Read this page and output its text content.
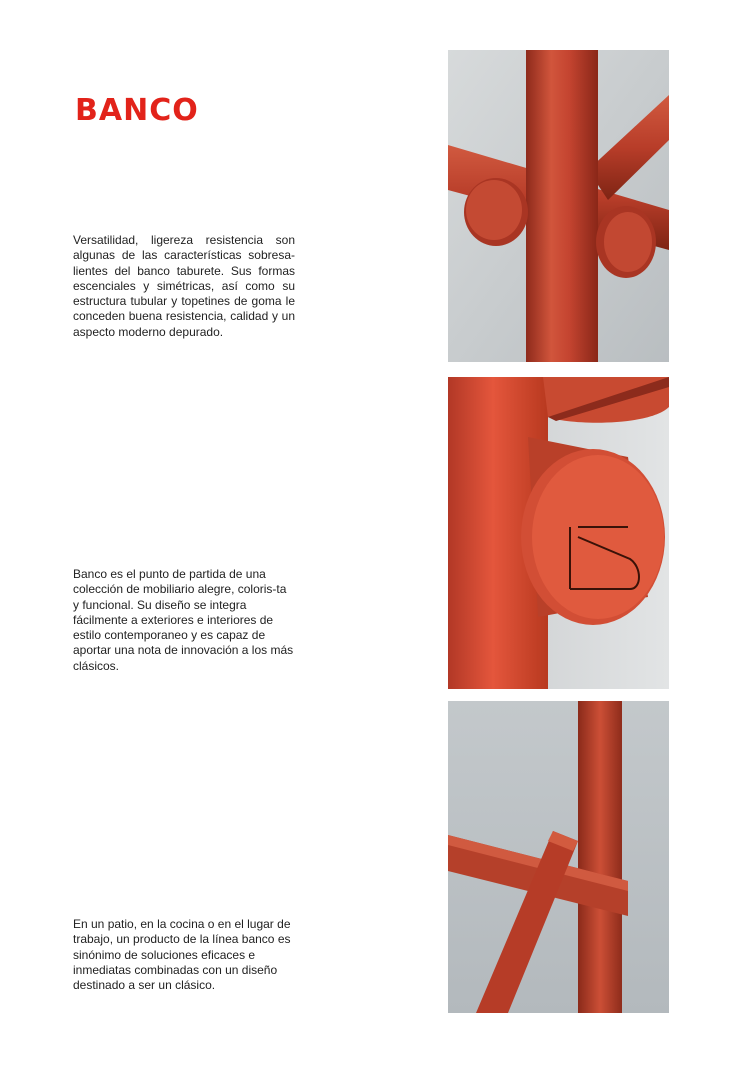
BANCO

Versatilidad, ligereza resistencia son algunas de las características sobresa-lientes del banco taburete. Sus formas escenciales y simétricas, así como su estructura tubular y topetines de goma le conceden buena resistencia, calidad y un aspecto moderno depurado.

Banco es el punto de partida de una colección de mobiliario alegre, coloris-ta y funcional. Su diseño se integra fácilmente a exteriores e interiores de estilo contemporaneo y es capaz de aportar una nota de innovación a los más clásicos.

En un patio, en la cocina o en el lugar de trabajo, un producto de la línea banco es sinónimo de soluciones eficaces e inmediatas combinadas con un diseño destinado a ser un clásico.
